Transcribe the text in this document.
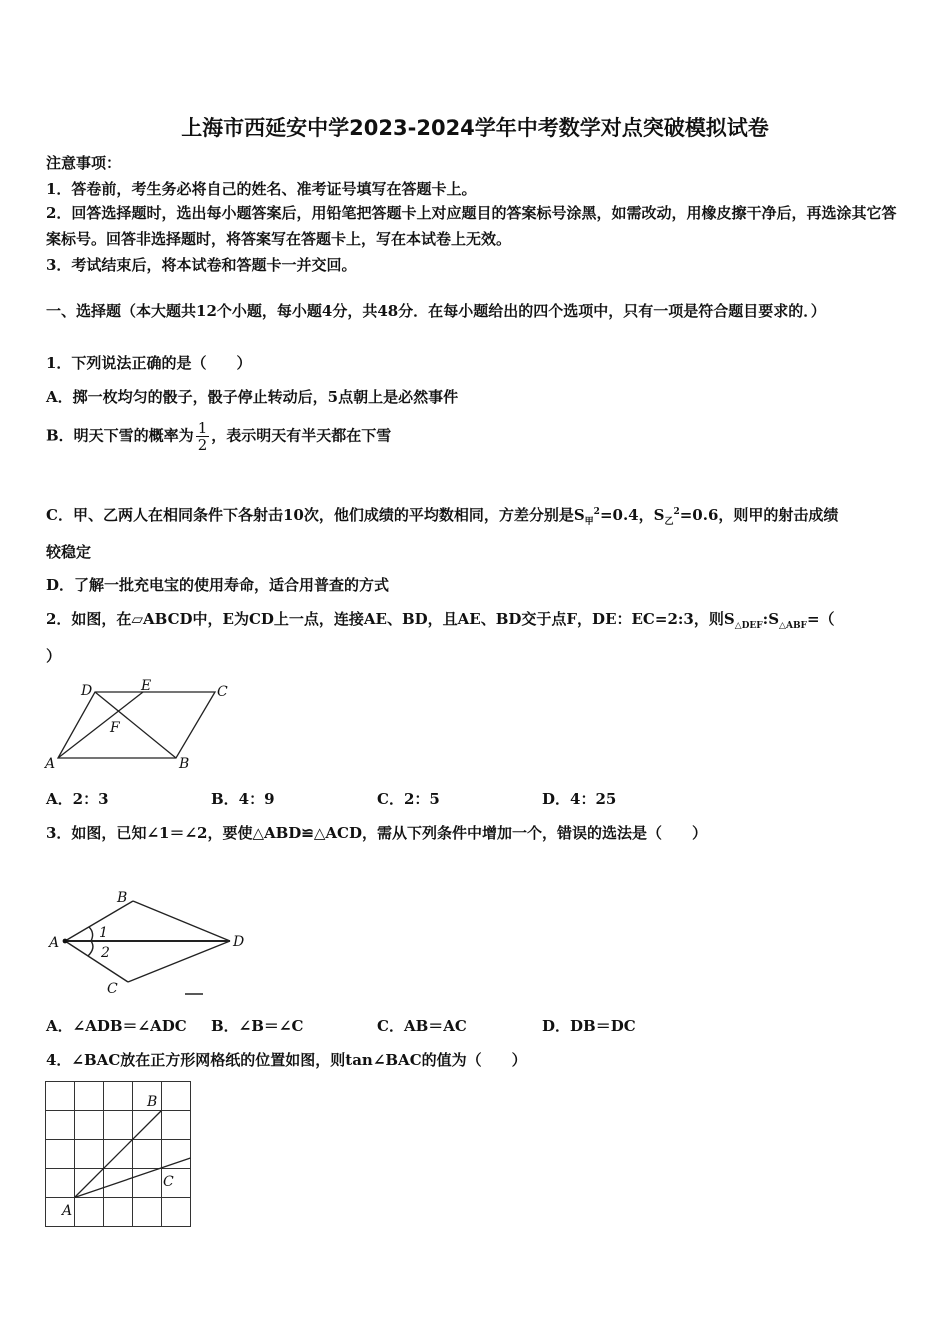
上海市西延安中学2023-2024学年中考数学对点突破模拟试卷
注意事项：
1．答卷前，考生务必将自己的姓名、准考证号填写在答题卡上。
2．回答选择题时，选出每小题答案后，用铅笔把答题卡上对应题目的答案标号涂黑，如需改动，用橡皮擦干净后，再选涂其它答案标号。回答非选择题时，将答案写在答题卡上，写在本试卷上无效。
3．考试结束后，将本试卷和答题卡一并交回。
一、选择题（本大题共12个小题，每小题4分，共48分．在每小题给出的四个选项中，只有一项是符合题目要求的．）
1．下列说法正确的是（　　）
A．掷一枚均匀的骰子，骰子停止转动后，5点朝上是必然事件
B．明天下雪的概率为 $\frac{1}{2}$ ，表示明天有半天都在下雪
C．甲、乙两人在相同条件下各射击10次，他们成绩的平均数相同，方差分别是$S_甲^2=0.4$，$S_乙^2=0.6$，则甲的射击成绩
较稳定
D．了解一批充电宝的使用寿命，适合用普查的方式
2．如图，在▱ABCD中，E为CD上一点，连接AE、BD，且AE、BD交于点F，DE：EC=2:3，则$S_{\triangle DEF}:S_{\triangle ABF}=$（
）
A	B
C
D	E
F
A．2：3	B．4：9	C．2：5	D．4：25
3．如图，已知∠1＝∠2，要使△ABD≌△ACD，需从下列条件中增加一个，错误的选法是（　　）
A
B
C
D
1
2
A．∠ADB＝∠ADC B．∠B＝∠C	C．AB＝AC	D．DB＝DC
4．∠BAC放在正方形网格纸的位置如图，则tan∠BAC的值为（　　）
A
B
C
